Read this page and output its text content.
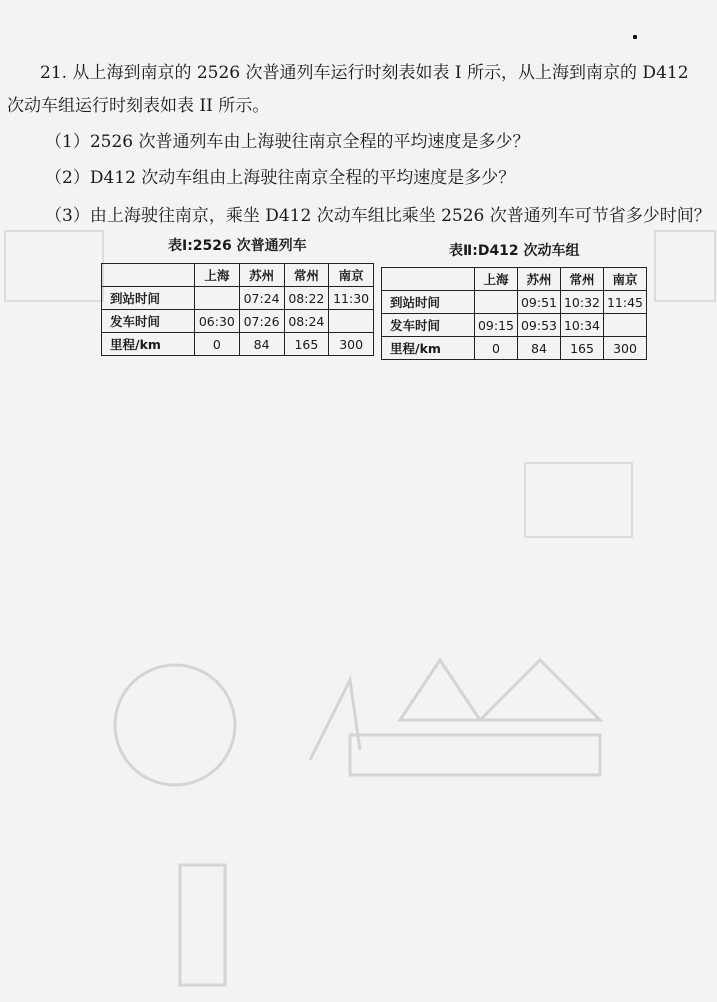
21. 从上海到南京的 2526 次普通列车运行时刻表如表 I 所示，从上海到南京的 D412
次动车组运行时刻表如表 II 所示。
（1）2526 次普通列车由上海驶往南京全程的平均速度是多少？
（2）D412 次动车组由上海驶往南京全程的平均速度是多少？
（3）由上海驶往南京，乘坐 D412 次动车组比乘坐 2526 次普通列车可节省多少时间？
表Ⅰ:2526 次普通列车
	上海	苏州	常州	南京
到站时间		07:24	08:22	11:30
发车时间	06:30	07:26	08:24	
里程/km	0	84	165	300
表Ⅱ:D412 次动车组
	上海	苏州	常州	南京
到站时间		09:51	10:32	11:45
发车时间	09:15	09:53	10:34	
里程/km	0	84	165	300
